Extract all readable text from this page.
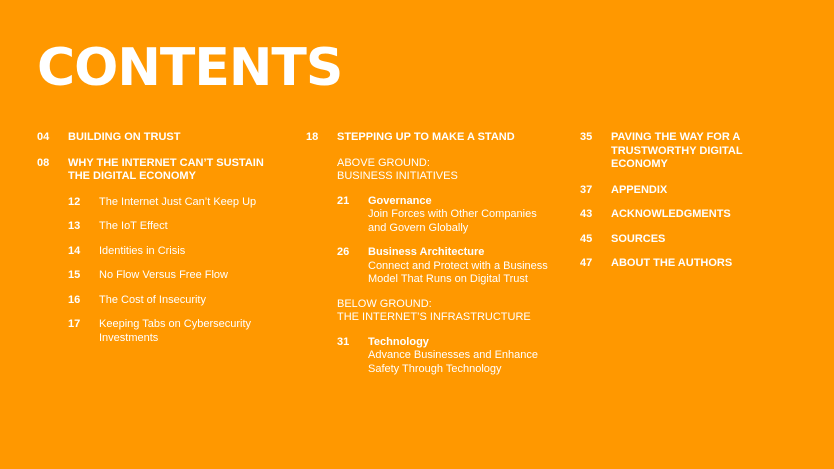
CONTENTS
04	BUILDING ON TRUST
08	WHY THE INTERNET CAN’T SUSTAIN THE DIGITAL ECONOMY
12	The Internet Just Can’t Keep Up
13	The IoT Effect
14	Identities in Crisis
15	No Flow Versus Free Flow
16	The Cost of Insecurity
17	Keeping Tabs on Cybersecurity Investments
18	STEPPING UP TO MAKE A STAND
ABOVE GROUND:
BUSINESS INITIATIVES
21	Governance
Join Forces with Other Companies and Govern Globally
26	Business Architecture
Connect and Protect with a Business Model That Runs on Digital Trust
BELOW GROUND:
THE INTERNET’S INFRASTRUCTURE
31	Technology
Advance Businesses and Enhance Safety Through Technology
35	PAVING THE WAY FOR A TRUSTWORTHY DIGITAL ECONOMY
37	APPENDIX
43	ACKNOWLEDGMENTS
45	SOURCES
47	ABOUT THE AUTHORS
